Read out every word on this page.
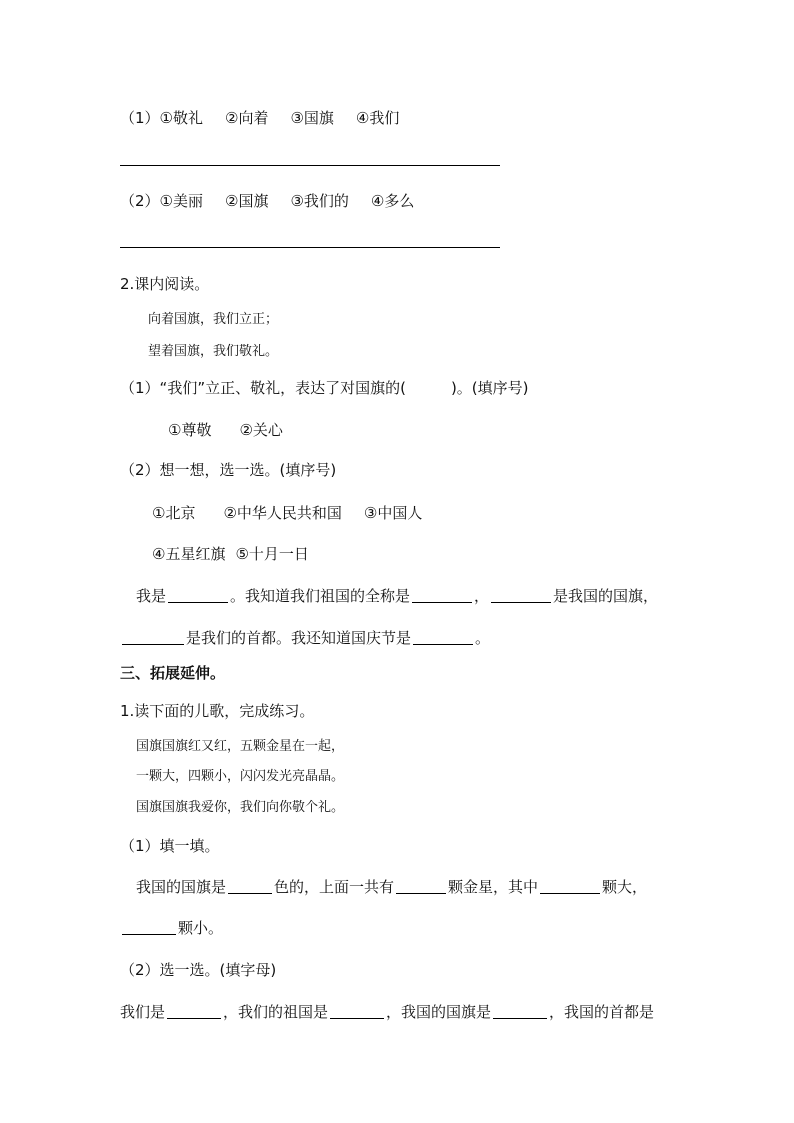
（1）①敬礼 ②向着 ③国旗 ④我们
（2）①美丽 ②国旗 ③我们的 ④多么
2.课内阅读。
向着国旗，我们立正；
望着国旗，我们敬礼。
（1）“我们”立正、敬礼，表达了对国旗的(　　　)。(填序号)
①尊敬 ②关心
（2）想一想，选一选。(填序号)
①北京 ②中华人民共和国 ③中国人
④五星红旗 ⑤十月一日
我是	。我知道我们祖国的全称是	，	是我国的国旗，
是我们的首都。我还知道国庆节是	。
三、拓展延伸。
1.读下面的儿歌，完成练习。
国旗国旗红又红，五颗金星在一起，
一颗大，四颗小，闪闪发光亮晶晶。
国旗国旗我爱你，我们向你敬个礼。
（1）填一填。
我国的国旗是	色的，上面一共有	颗金星，其中	颗大，
颗小。
（2）选一选。(填字母)
我们是	，我们的祖国是	，我国的国旗是	，我国的首都是
